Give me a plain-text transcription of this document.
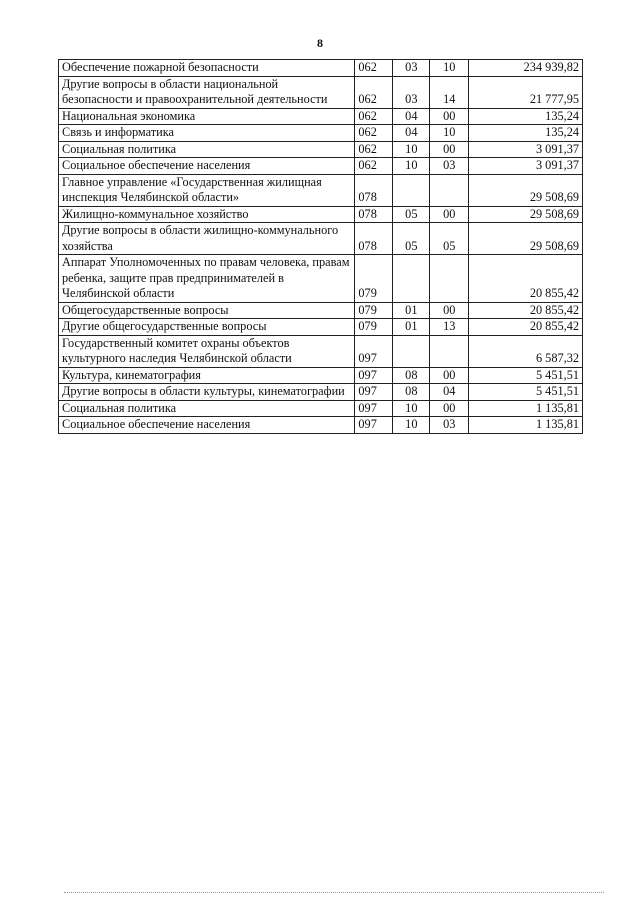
8
Обеспечение пожарной безопасности	062	03	10	234 939,82
Другие вопросы в области национальной безопасности и правоохранительной деятельности	062	03	14	21 777,95
Национальная экономика	062	04	00	135,24
Связь и информатика	062	04	10	135,24
Социальная политика	062	10	00	3 091,37
Социальное обеспечение населения	062	10	03	3 091,37
Главное управление «Государственная жилищная инспекция Челябинской области»	078			29 508,69
Жилищно-коммунальное хозяйство	078	05	00	29 508,69
Другие вопросы в области жилищно-коммунального хозяйства	078	05	05	29 508,69
Аппарат Уполномоченных по правам человека, правам ребенка, защите прав предпринимателей в Челябинской области	079			20 855,42
Общегосударственные вопросы	079	01	00	20 855,42
Другие общегосударственные вопросы	079	01	13	20 855,42
Государственный комитет охраны объектов культурного наследия Челябинской области	097			6 587,32
Культура, кинематография	097	08	00	5 451,51
Другие вопросы в области культуры, кинематографии	097	08	04	5 451,51
Социальная политика	097	10	00	1 135,81
Социальное обеспечение населения	097	10	03	1 135,81
